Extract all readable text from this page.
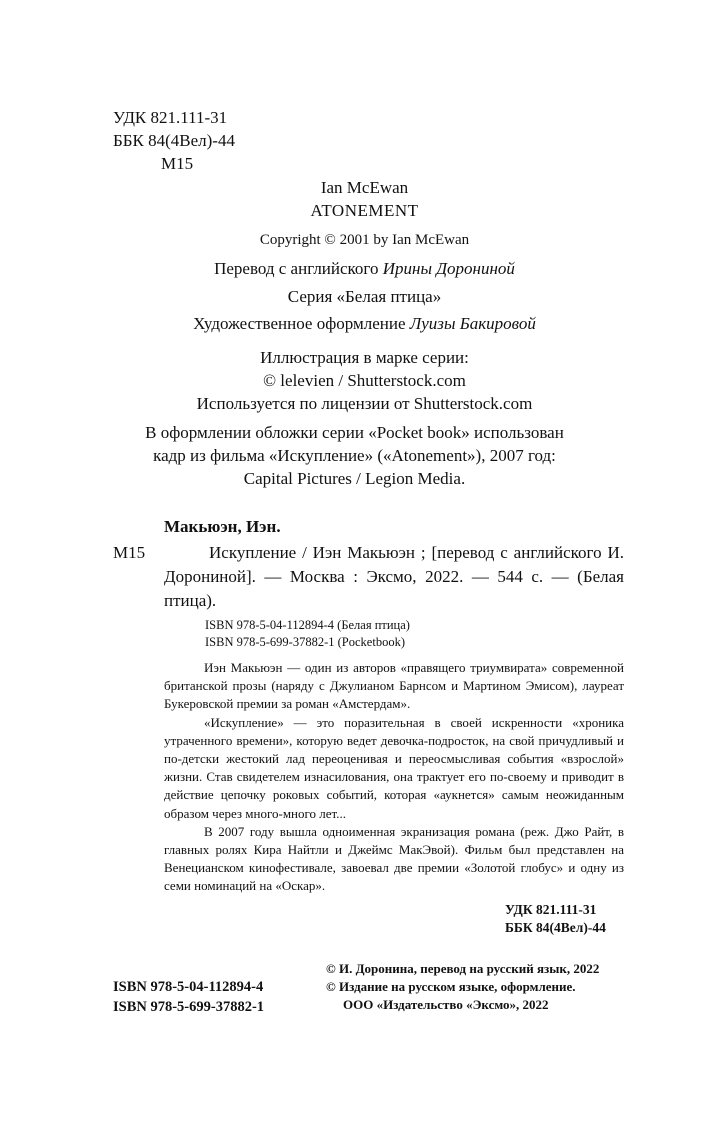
УДК 821.111-31
ББК 84(4Вел)-44
М15
Ian McEwan
ATONEMENT
Copyright © 2001 by Ian McEwan
Перевод с английского Ирины Дорониной
Серия «Белая птица»
Художественное оформление Луизы Бакировой
Иллюстрация в марке серии:
© lelevien / Shutterstock.com
Используется по лицензии от Shutterstock.com
В оформлении обложки серии «Pocket book» использован
кадр из фильма «Искупление» («Atonement»), 2007 год:
Capital Pictures / Legion Media.
Макьюэн, Иэн.
М15	Искупление / Иэн Макьюэн ; [перевод с английского И. Дорониной]. — Москва : Эксмо, 2022. — 544 с. — (Белая птица).

ISBN 978-5-04-112894-4 (Белая птица)
ISBN 978-5-699-37882-1 (Pocketbook)

Иэн Макьюэн — один из авторов «правящего триумвирата» современной британской прозы (наряду с Джулианом Барнсом и Мартином Эмисом), лауреат Букеровской премии за роман «Амстердам».

«Искупление» — это поразительная в своей искренности «хроника утраченного времени», которую ведет девочка-подросток, на свой причудливый и по-детски жестокий лад переоценивая и переосмысливая события «взрослой» жизни. Став свидетелем изнасилования, она трактует его по-своему и приводит в действие цепочку роковых событий, которая «аукнется» самым неожиданным образом через много-много лет...

В 2007 году вышла одноименная экранизация романа (реж. Джо Райт, в главных ролях Кира Найтли и Джеймс МакЭвой). Фильм был представлен на Венецианском кинофестивале, завоевал две премии «Золотой глобус» и одну из семи номинаций на «Оскар».

УДК 821.111-31
ББК 84(4Вел)-44
ISBN 978-5-04-112894-4
ISBN 978-5-699-37882-1
© И. Доронина, перевод на русский язык, 2022
© Издание на русском языке, оформление.
ООО «Издательство «Эксмо», 2022
